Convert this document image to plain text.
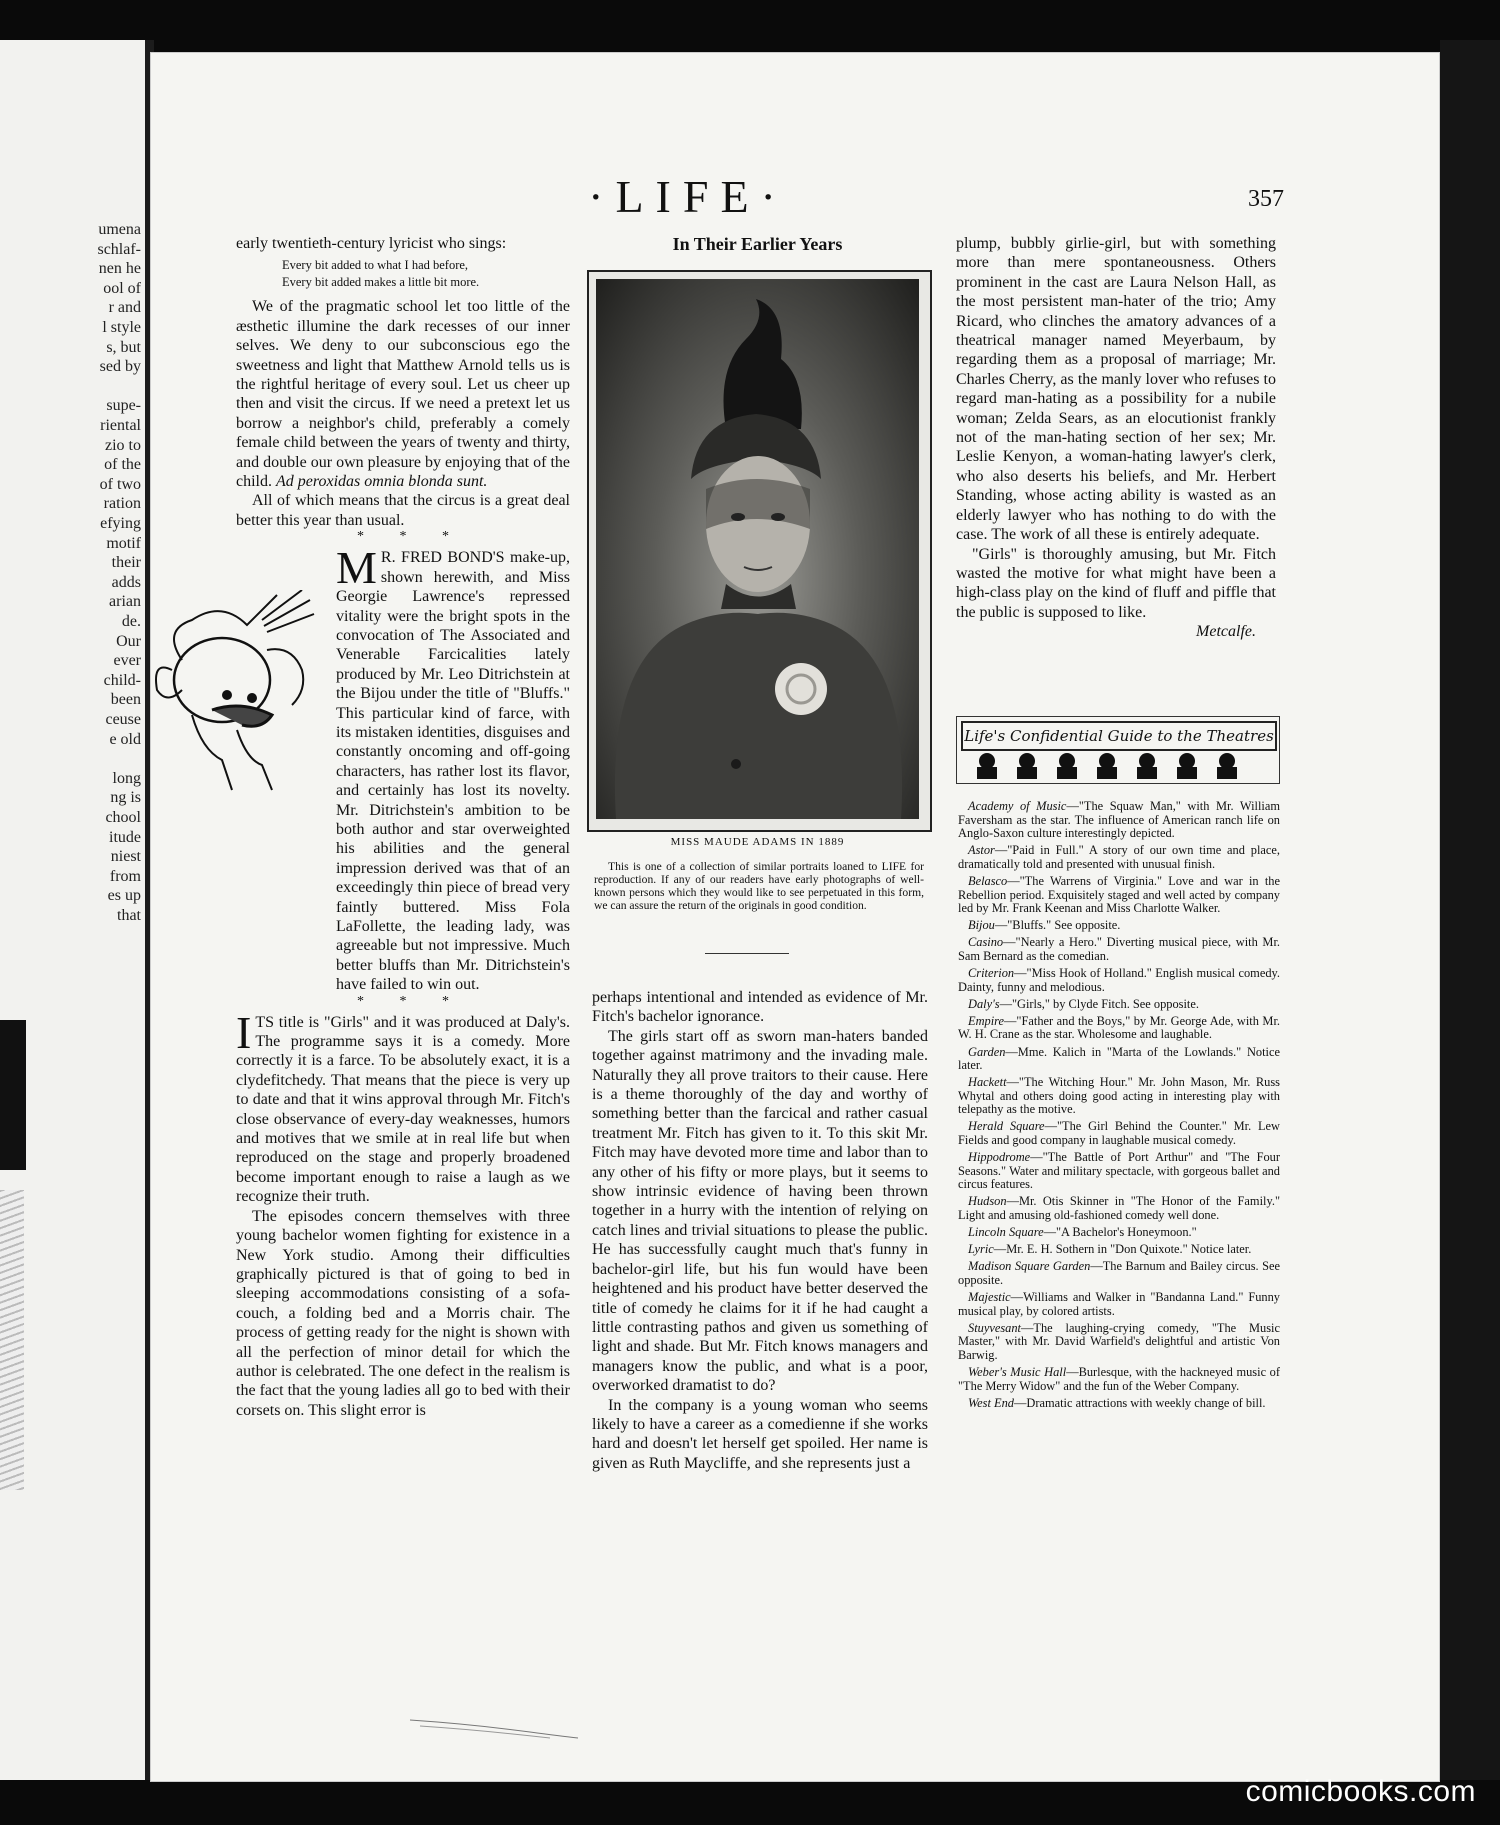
umena
schlaf-
nen he
ool of
r and
l style
s, but
sed by
supe-
riental
zio to
of the
of two
ration
efying
motif
their
adds
arian
de.
Our
ever
child-
been
ceuse
e old
long
ng is
chool
itude
niest
from
es up
that
·LIFE·	357

early twentieth-century lyricist who sings:

Every bit added to what I had before,
Every bit added makes a little bit more.

We of the pragmatic school let too little of the æsthetic illumine the dark recesses of our inner selves. We deny to our subconscious ego the sweetness and light that Matthew Arnold tells us is the rightful heritage of every soul. Let us cheer up then and visit the circus. If we need a pretext let us borrow a neighbor's child, preferably a comely female child between the years of twenty and thirty, and double our own pleasure by enjoying that of the child. Ad peroxidas omnia blonda sunt.

All of which means that the circus is a great deal better this year than usual.

* * *

M R. FRED BOND'S make-up, shown herewith, and Miss Georgie Lawrence's repressed vitality were the bright spots in the convocation of The Associated and Venerable Farcicalities lately produced by Mr. Leo Ditrichstein at the Bijou under the title of "Bluffs." This particular kind of farce, with its mistaken identities, disguises and constantly oncoming and off-going characters, has rather lost its flavor, and certainly has lost its novelty. Mr. Ditrichstein's ambition to be both author and star overweighted his abilities and the general impression derived was that of an exceedingly thin piece of bread very faintly buttered. Miss Fola LaFollette, the leading lady, was agreeable but not impressive. Much better bluffs than Mr. Ditrichstein's have failed to win out.

* * *

ITS title is "Girls" and it was produced at Daly's. The programme says it is a comedy. More correctly it is a farce. To be absolutely exact, it is a clydefitchedy. That means that the piece is very up to date and that it wins approval through Mr. Fitch's close observance of every-day weaknesses, humors and motives that we smile at in real life but when reproduced on the stage and properly broadened become important enough to raise a laugh as we recognize their truth.

The episodes concern themselves with three young bachelor women fighting for existence in a New York studio. Among their difficulties graphically pictured is that of going to bed in sleeping accommodations consisting of a sofa-couch, a folding bed and a Morris chair. The process of getting ready for the night is shown with all the perfection of minor detail for which the author is celebrated. The one defect in the realism is the fact that the young ladies all go to bed with their corsets on. This slight error is

In Their Earlier Years
MISS MAUDE ADAMS IN 1889
This is one of a collection of similar portraits loaned to LIFE for reproduction. If any of our readers have early photographs of well-known persons which they would like to see perpetuated in this form, we can assure the return of the originals in good condition.

perhaps intentional and intended as evidence of Mr. Fitch's bachelor ignorance.

The girls start off as sworn man-haters banded together against matrimony and the invading male. Naturally they all prove traitors to their cause. Here is a theme thoroughly of the day and worthy of something better than the farcical and rather casual treatment Mr. Fitch has given to it. To this skit Mr. Fitch may have devoted more time and labor than to any other of his fifty or more plays, but it seems to show intrinsic evidence of having been thrown together in a hurry with the intention of relying on catch lines and trivial situations to please the public. He has successfully caught much that's funny in bachelor-girl life, but his fun would have been heightened and his product have better deserved the title of comedy he claims for it if he had caught a little contrasting pathos and given us something of light and shade. But Mr. Fitch knows managers and managers know the public, and what is a poor, overworked dramatist to do?

In the company is a young woman who seems likely to have a career as a comedienne if she works hard and doesn't let herself get spoiled. Her name is given as Ruth Maycliffe, and she represents just a

plump, bubbly girlie-girl, but with something more than mere spontaneousness. Others prominent in the cast are Laura Nelson Hall, as the most persistent man-hater of the trio; Amy Ricard, who clinches the amatory advances of a theatrical manager named Meyerbaum, by regarding them as a proposal of marriage; Mr. Charles Cherry, as the manly lover who refuses to regard man-hating as a possibility for a nubile woman; Zelda Sears, as an elocutionist frankly not of the man-hating section of her sex; Mr. Leslie Kenyon, a woman-hating lawyer's clerk, who also deserts his beliefs, and Mr. Herbert Standing, whose acting ability is wasted as an elderly lawyer who has nothing to do with the case. The work of all these is entirely adequate.

"Girls" is thoroughly amusing, but Mr. Fitch wasted the motive for what might have been a high-class play on the kind of fluff and piffle that the public is supposed to like.

Metcalfe.

Life's Confidential Guide to the Theatres

Academy of Music—"The Squaw Man," with Mr. William Faversham as the star. The influence of American ranch life on Anglo-Saxon culture interestingly depicted.

Astor—"Paid in Full." A story of our own time and place, dramatically told and presented with unusual finish.

Belasco—"The Warrens of Virginia." Love and war in the Rebellion period. Exquisitely staged and well acted by company led by Mr. Frank Keenan and Miss Charlotte Walker.

Bijou—"Bluffs." See opposite.

Casino—"Nearly a Hero." Diverting musical piece, with Mr. Sam Bernard as the comedian.

Criterion—"Miss Hook of Holland." English musical comedy. Dainty, funny and melodious.

Daly's—"Girls," by Clyde Fitch. See opposite.

Empire—"Father and the Boys," by Mr. George Ade, with Mr. W. H. Crane as the star. Wholesome and laughable.

Garden—Mme. Kalich in "Marta of the Lowlands." Notice later.

Hackett—"The Witching Hour." Mr. John Mason, Mr. Russ Whytal and others doing good acting in interesting play with telepathy as the motive.

Herald Square—"The Girl Behind the Counter." Mr. Lew Fields and good company in laughable musical comedy.

Hippodrome—"The Battle of Port Arthur" and "The Four Seasons." Water and military spectacle, with gorgeous ballet and circus features.

Hudson—Mr. Otis Skinner in "The Honor of the Family." Light and amusing old-fashioned comedy well done.

Lincoln Square—"A Bachelor's Honeymoon."

Lyric—Mr. E. H. Sothern in "Don Quixote." Notice later.

Madison Square Garden—The Barnum and Bailey circus. See opposite.

Majestic—Williams and Walker in "Bandanna Land." Funny musical play, by colored artists.

Stuyvesant—The laughing-crying comedy, "The Music Master," with Mr. David Warfield's delightful and artistic Von Barwig.

Weber's Music Hall—Burlesque, with the hackneyed music of "The Merry Widow" and the fun of the Weber Company.

West End—Dramatic attractions with weekly change of bill.

comicbooks.com
